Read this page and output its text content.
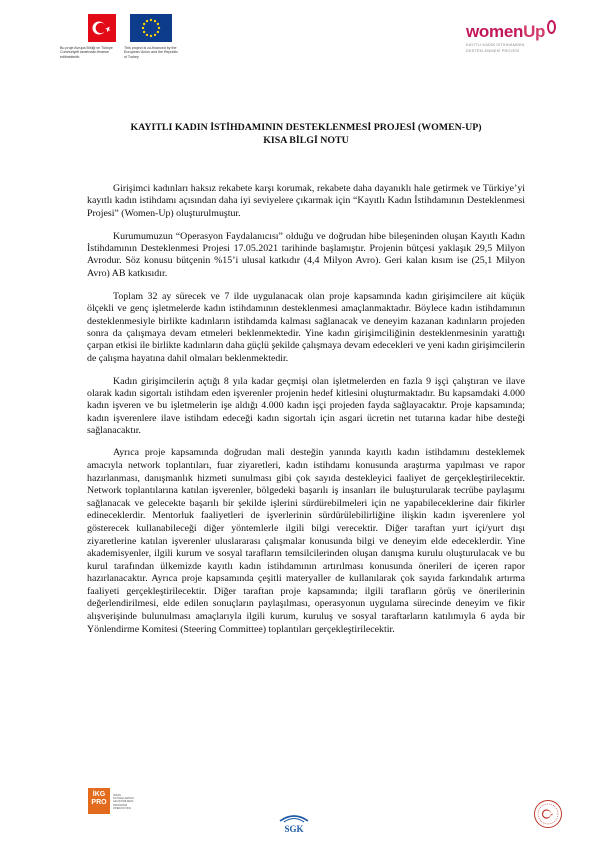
Bu proje Avrupa Birliği ve Türkiye Cumhuriyeti tarafından finanse edilmektedir.
This project is co-financed by the European Union and the Republic of Turkey
women Up
KAYITLI KADIN İSTİHDAMININ
DESTEKLENMESİ PROJESİ
KAYITLI KADIN İSTİHDAMININ DESTEKLENMESİ PROJESİ (WOMEN-UP)
KISA BİLGİ NOTU

Girişimci kadınları haksız rekabete karşı korumak, rekabete daha dayanıklı hale getirmek ve Türkiye’yi kayıtlı kadın istihdamı açısından daha iyi seviyelere çıkarmak için “Kayıtlı Kadın İstihdamının Desteklenmesi Projesi” (Women-Up) oluşturulmuştur.

Kurumumuzun “Operasyon Faydalanıcısı” olduğu ve doğrudan hibe bileşeninden oluşan Kayıtlı Kadın İstihdamının Desteklenmesi Projesi 17.05.2021 tarihinde başlamıştır. Projenin bütçesi yaklaşık 29,5 Milyon Avrodur. Söz konusu bütçenin %15’i ulusal katkıdır (4,4 Milyon Avro). Geri kalan kısım ise (25,1 Milyon Avro) AB katkısıdır.

Toplam 32 ay sürecek ve 7 ilde uygulanacak olan proje kapsamında kadın girişimcilere ait küçük ölçekli ve genç işletmelerde kadın istihdamının desteklenmesi amaçlanmaktadır. Böylece kadın istihdamının desteklenmesiyle birlikte kadınların istihdamda kalması sağlanacak ve deneyim kazanan kadınların projeden sonra da çalışmaya devam etmeleri beklenmektedir. Yine kadın girişimciliğinin desteklenmesinin yarattığı çarpan etkisi ile birlikte kadınların daha güçlü şekilde çalışmaya devam edecekleri ve yeni kadın girişimcilerin de çalışma hayatına dahil olmaları beklenmektedir.

Kadın girişimcilerin açtığı 8 yıla kadar geçmişi olan işletmelerden en fazla 9 işçi çalıştıran ve ilave olarak kadın sigortalı istihdam eden işverenler projenin hedef kitlesini oluşturmaktadır. Bu kapsamdaki 4.000 kadın işveren ve bu işletmelerin işe aldığı 4.000 kadın işçi projeden fayda sağlayacaktır. Proje kapsamında; kadın işverenlere ilave istihdam edeceği kadın sigortalı için asgari ücretin net tutarına kadar hibe desteği sağlanacaktır.

Ayrıca proje kapsamında doğrudan mali desteğin yanında kayıtlı kadın istihdamını desteklemek amacıyla network toplantıları, fuar ziyaretleri, kadın istihdamı konusunda araştırma yapılması ve rapor hazırlanması, danışmanlık hizmeti sunulması gibi çok sayıda destekleyici faaliyet de gerçekleştirilecektir. Network toplantılarına katılan işverenler, bölgedeki başarılı iş insanları ile buluşturularak tecrübe paylaşımı sağlanacak ve gelecekte başarılı bir şekilde işlerini sürdürebilmeleri için ne yapabileceklerine dair fikirler edineceklerdir. Mentorluk faaliyetleri de işverlerinin sürdürülebilirliğine ilişkin kadın işverenlere yol gösterecek kullanabileceği diğer yöntemlerle ilgili bilgi verecektir. Diğer taraftan yurt içi/yurt dışı ziyaretlerine katılan işverenler uluslararası çalışmalar konusunda bilgi ve deneyim elde edeceklerdir. Yine akademisyenler, ilgili kurum ve sosyal tarafların temsilcilerinden oluşan danışma kurulu oluşturulacak ve bu kurul tarafından ülkemizde kayıtlı kadın istihdamının artırılması konusunda önerileri de içeren rapor hazırlanacaktır. Ayrıca proje kapsamında çeşitli materyaller de kullanılarak çok sayıda farkındalık artırma faaliyeti gerçekleştirilecektir. Diğer taraftan proje kapsamında; ilgili tarafların görüş ve önerilerinin değerlendirilmesi, elde edilen sonuçların paylaşılması, operasyonun uygulama sürecinde deneyim ve fikir alışverişinde bulunulması amaçlarıyla ilgili kurum, kuruluş ve sosyal taraftarların katılımıyla 6 ayda bir Yönlendirme Komitesi (Steering Committee) toplantıları gerçekleştirilecektir.

İKG
PRO
İNSAN KAYNAKLARININ GELİŞTİRİLMESİ PROGRAMI OPERASYONU
SGK
